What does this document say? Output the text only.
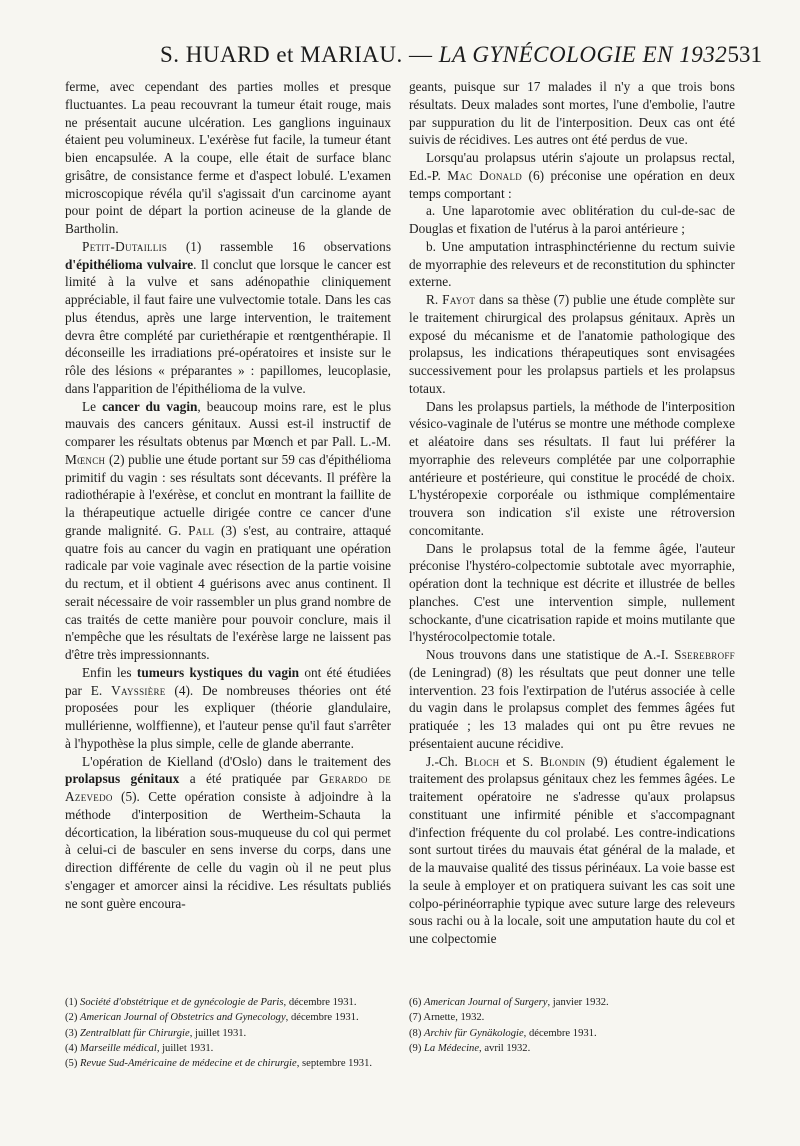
S. HUARD et MARIAU. — LA GYNÉCOLOGIE EN 1932 531

ferme, avec cependant des parties molles et presque fluctuantes. La peau recouvrant la tumeur était rouge, mais ne présentait aucune ulcération. Les ganglions inguinaux étaient peu volumineux. L'exérèse fut facile, la tumeur étant bien encapsulée. A la coupe, elle était de surface blanc grisâtre, de consistance ferme et d'aspect lobulé. L'examen microscopique révéla qu'il s'agissait d'un carcinome ayant pour point de départ la portion acineuse de la glande de Bartholin.

Petit-Dutaillis (1) rassemble 16 observations d'épithélioma vulvaire. Il conclut que lorsque le cancer est limité à la vulve et sans adénopathie cliniquement appréciable, il faut faire une vulvectomie totale. Dans les cas plus étendus, après une large intervention, le traitement devra être complété par curiethérapie et rœntgenthérapie. Il déconseille les irradiations pré-opératoires et insiste sur le rôle des lésions « préparantes » : papillomes, leucoplasie, dans l'apparition de l'épithélioma de la vulve.

Le cancer du vagin, beaucoup moins rare, est le plus mauvais des cancers génitaux. Aussi est-il instructif de comparer les résultats obtenus par Mœnch et par Pall. L.-M. Mœnch (2) publie une étude portant sur 59 cas d'épithélioma primitif du vagin : ses résultats sont décevants. Il préfère la radiothérapie à l'exérèse, et conclut en montrant la faillite de la thérapeutique actuelle dirigée contre ce cancer d'une grande malignité. G. Pall (3) s'est, au contraire, attaqué quatre fois au cancer du vagin en pratiquant une opération radicale par voie vaginale avec résection de la partie voisine du rectum, et il obtient 4 guérisons avec anus continent. Il serait nécessaire de voir rassembler un plus grand nombre de cas traités de cette manière pour pouvoir conclure, mais il n'empêche que les résultats de l'exérèse large ne laissent pas d'être très impressionnants.

Enfin les tumeurs kystiques du vagin ont été étudiées par E. Vayssière (4). De nombreuses théories ont été proposées pour les expliquer (théorie glandulaire, mullérienne, wolffienne), et l'auteur pense qu'il faut s'arrêter à l'hypothèse la plus simple, celle de glande aberrante.

L'opération de Kielland (d'Oslo) dans le traitement des prolapsus génitaux a été pratiquée par Gerardo de Azevedo (5). Cette opération consiste à adjoindre à la méthode d'interposition de Wertheim-Schauta la décortication, la libération sous-muqueuse du col qui permet à celui-ci de basculer en sens inverse du corps, dans une direction différente de celle du vagin où il ne peut plus s'engager et amorcer ainsi la récidive. Les résultats publiés ne sont guère encoura-

(1) Société d'obstétrique et de gynécologie de Paris, décembre 1931.
(2) American Journal of Obstetrics and Gynecology, décembre 1931.
(3) Zentralblatt für Chirurgie, juillet 1931.
(4) Marseille médical, juillet 1931.
(5) Revue Sud-Américaine de médecine et de chirurgie, septembre 1931.

geants, puisque sur 17 malades il n'y a que trois bons résultats. Deux malades sont mortes, l'une d'embolie, l'autre par suppuration du lit de l'interposition. Deux cas ont été suivis de récidives. Les autres ont été perdus de vue.

Lorsqu'au prolapsus utérin s'ajoute un prolapsus rectal, Ed.-P. Mac Donald (6) préconise une opération en deux temps comportant :

a. Une laparotomie avec oblitération du cul-de-sac de Douglas et fixation de l'utérus à la paroi antérieure ;

b. Une amputation intrasphinctérienne du rectum suivie de myorraphie des releveurs et de reconstitution du sphincter externe.

R. Fayot dans sa thèse (7) publie une étude complète sur le traitement chirurgical des prolapsus génitaux. Après un exposé du mécanisme et de l'anatomie pathologique des prolapsus, les indications thérapeutiques sont envisagées successivement pour les prolapsus partiels et les prolapsus totaux.

Dans les prolapsus partiels, la méthode de l'interposition vésico-vaginale de l'utérus se montre une méthode complexe et aléatoire dans ses résultats. Il faut lui préférer la myorraphie des releveurs complétée par une colporraphie antérieure et postérieure, qui constitue le procédé de choix. L'hystéropexie corporéale ou isthmique complémentaire trouvera son indication s'il existe une rétroversion concomitante.

Dans le prolapsus total de la femme âgée, l'auteur préconise l'hystéro-colpectomie subtotale avec myorraphie, opération dont la technique est décrite et illustrée de belles planches. C'est une intervention simple, nullement schockante, d'une cicatrisation rapide et moins mutilante que l'hystérocolpectomie totale.

Nous trouvons dans une statistique de A.-I. Sserebroff (de Leningrad) (8) les résultats que peut donner une telle intervention. 23 fois l'extirpation de l'utérus associée à celle du vagin dans le prolapsus complet des femmes âgées fut pratiquée ; les 13 malades qui ont pu être revues ne présentaient aucune récidive.

J.-Ch. Bloch et S. Blondin (9) étudient également le traitement des prolapsus génitaux chez les femmes âgées. Le traitement opératoire ne s'adresse qu'aux prolapsus constituant une infirmité pénible et s'accompagnant d'infection fréquente du col prolabé. Les contre-indications sont surtout tirées du mauvais état général de la malade, et de la mauvaise qualité des tissus périnéaux. La voie basse est la seule à employer et on pratiquera suivant les cas soit une colpo-périnéorraphie typique avec suture large des releveurs sous rachi ou à la locale, soit une amputation haute du col et une colpectomie

(6) American Journal of Surgery, janvier 1932.
(7) Arnette, 1932.
(8) Archiv für Gynäkologie, décembre 1931.
(9) La Médecine, avril 1932.
